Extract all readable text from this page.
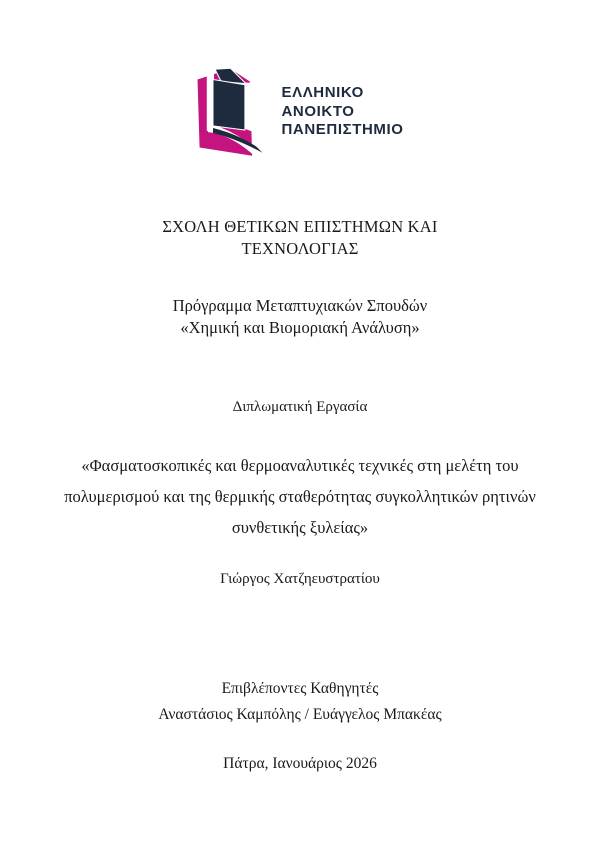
ΕΛΛΗΝΙΚΟ
ΑΝΟΙΚΤΟ
ΠΑΝΕΠΙΣΤΗΜΙΟ
ΣΧΟΛΗ ΘΕΤΙΚΩΝ ΕΠΙΣΤΗΜΩΝ ΚΑΙ
ΤΕΧΝΟΛΟΓΙΑΣ
Πρόγραμμα Μεταπτυχιακών Σπουδών
«Χημική και Βιομοριακή Ανάλυση»
Διπλωματική Εργασία
«Φασματοσκοπικές και θερμοαναλυτικές τεχνικές στη μελέτη του
πολυμερισμού και της θερμικής σταθερότητας συγκολλητικών ρητινών
συνθετικής ξυλείας»
Γιώργος Χατζηευστρατίου
Επιβλέποντες Καθηγητές
Αναστάσιος Καμπόλης / Ευάγγελος Μπακέας
Πάτρα, Ιανουάριος 2026
